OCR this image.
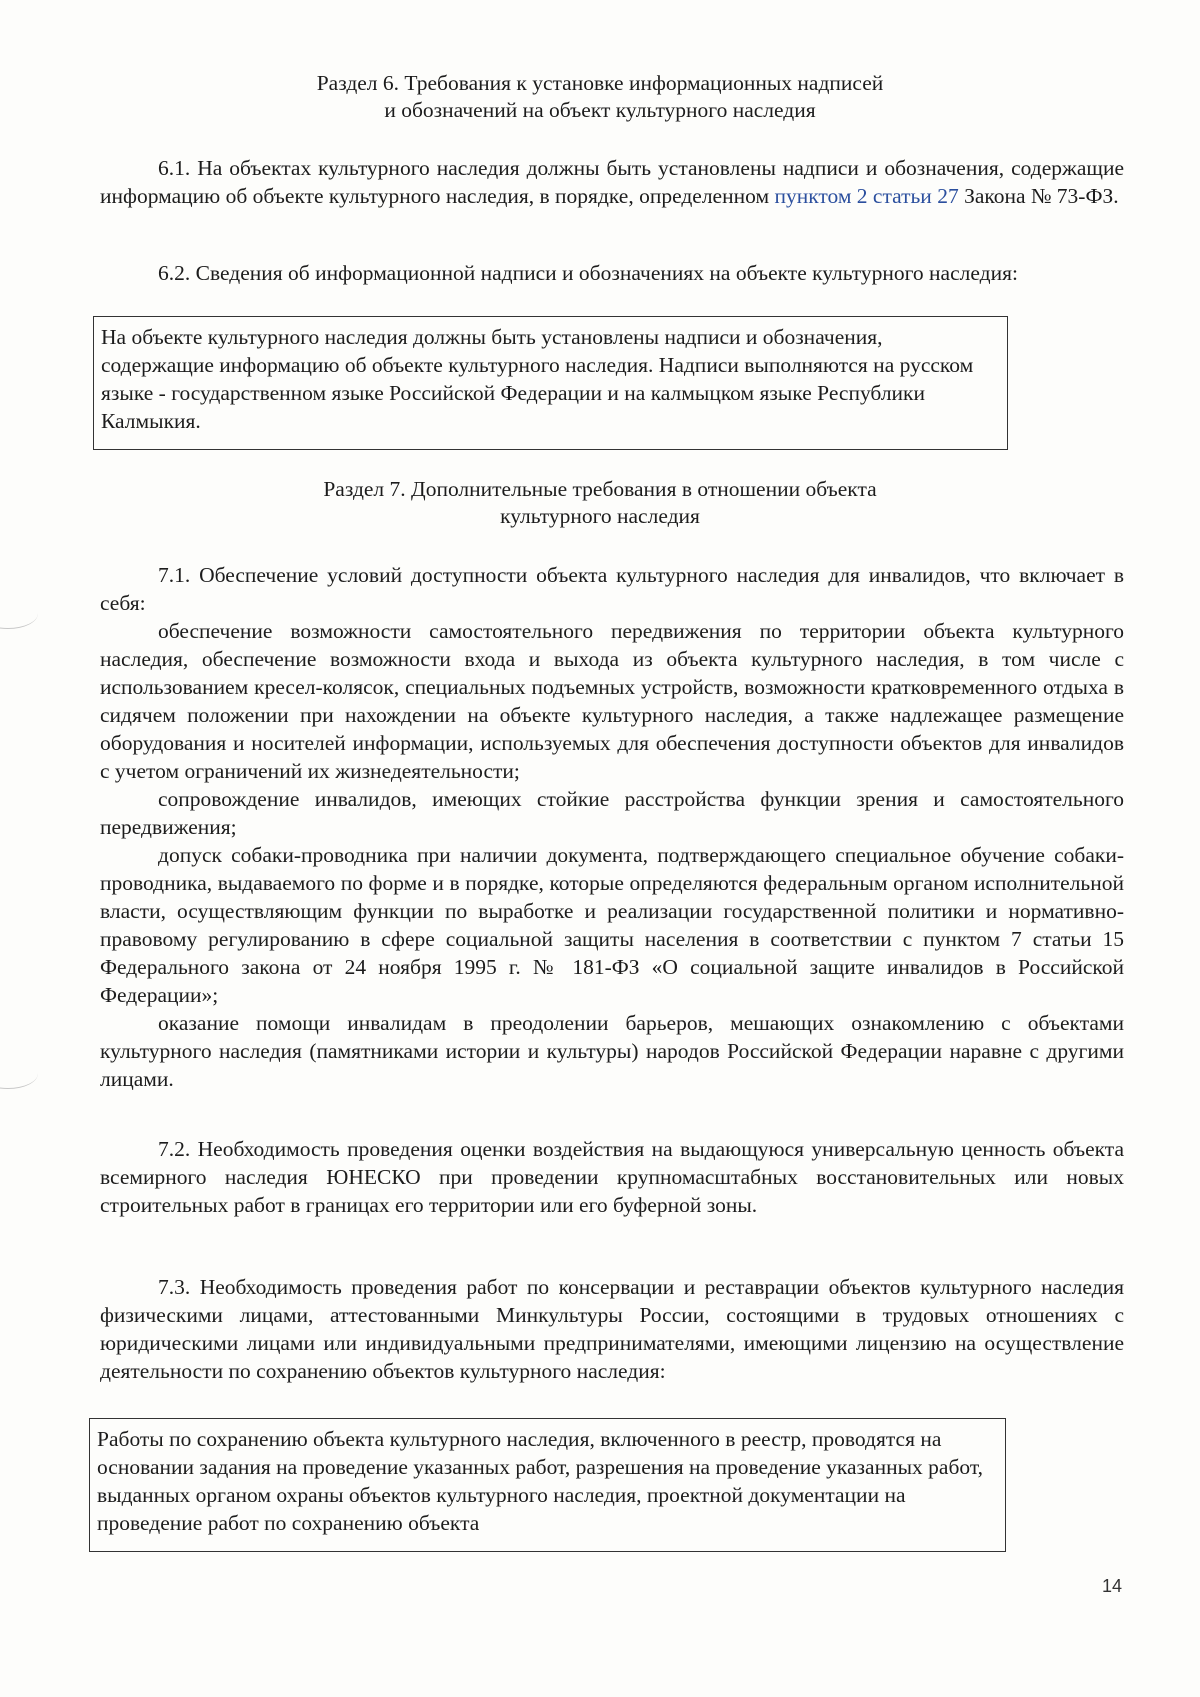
Раздел 6. Требования к установке информационных надписей
и обозначений на объект культурного наследия
6.1. На объектах культурного наследия должны быть установлены надписи и обозначения, содержащие информацию об объекте культурного наследия, в порядке, определенном пунктом 2 статьи 27 Закона № 73-ФЗ.
6.2. Сведения об информационной надписи и обозначениях на объекте культурного наследия:
На объекте культурного наследия должны быть установлены надписи и обозначения, содержащие информацию об объекте культурного наследия. Надписи выполняются на русском языке - государственном языке Российской Федерации и на калмыцком языке Республики Калмыкия.
Раздел 7. Дополнительные требования в отношении объекта
культурного наследия
7.1. Обеспечение условий доступности объекта культурного наследия для инвалидов, что включает в себя:
обеспечение возможности самостоятельного передвижения по территории объекта культурного наследия, обеспечение возможности входа и выхода из объекта культурного наследия, в том числе с использованием кресел-колясок, специальных подъемных устройств, возможности кратковременного отдыха в сидячем положении при нахождении на объекте культурного наследия, а также надлежащее размещение оборудования и носителей информации, используемых для обеспечения доступности объектов для инвалидов с учетом ограничений их жизнедеятельности;
сопровождение инвалидов, имеющих стойкие расстройства функции зрения и самостоятельного передвижения;
допуск собаки-проводника при наличии документа, подтверждающего специальное обучение собаки-проводника, выдаваемого по форме и в порядке, которые определяются федеральным органом исполнительной власти, осуществляющим функции по выработке и реализации государственной политики и нормативно-правовому регулированию в сфере социальной защиты населения в соответствии с пунктом 7 статьи 15 Федерального закона от 24 ноября 1995 г. № 181-ФЗ «О социальной защите инвалидов в Российской Федерации»;
оказание помощи инвалидам в преодолении барьеров, мешающих ознакомлению с объектами культурного наследия (памятниками истории и культуры) народов Российской Федерации наравне с другими лицами.
7.2. Необходимость проведения оценки воздействия на выдающуюся универсальную ценность объекта всемирного наследия ЮНЕСКО при проведении крупномасштабных восстановительных или новых строительных работ в границах его территории или его буферной зоны.
7.3. Необходимость проведения работ по консервации и реставрации объектов культурного наследия физическими лицами, аттестованными Минкультуры России, состоящими в трудовых отношениях с юридическими лицами или индивидуальными предпринимателями, имеющими лицензию на осуществление деятельности по сохранению объектов культурного наследия:
Работы по сохранению объекта культурного наследия, включенного в реестр, проводятся на основании задания на проведение указанных работ, разрешения на проведение указанных работ, выданных органом охраны объектов культурного наследия, проектной документации на проведение работ по сохранению объекта
14
